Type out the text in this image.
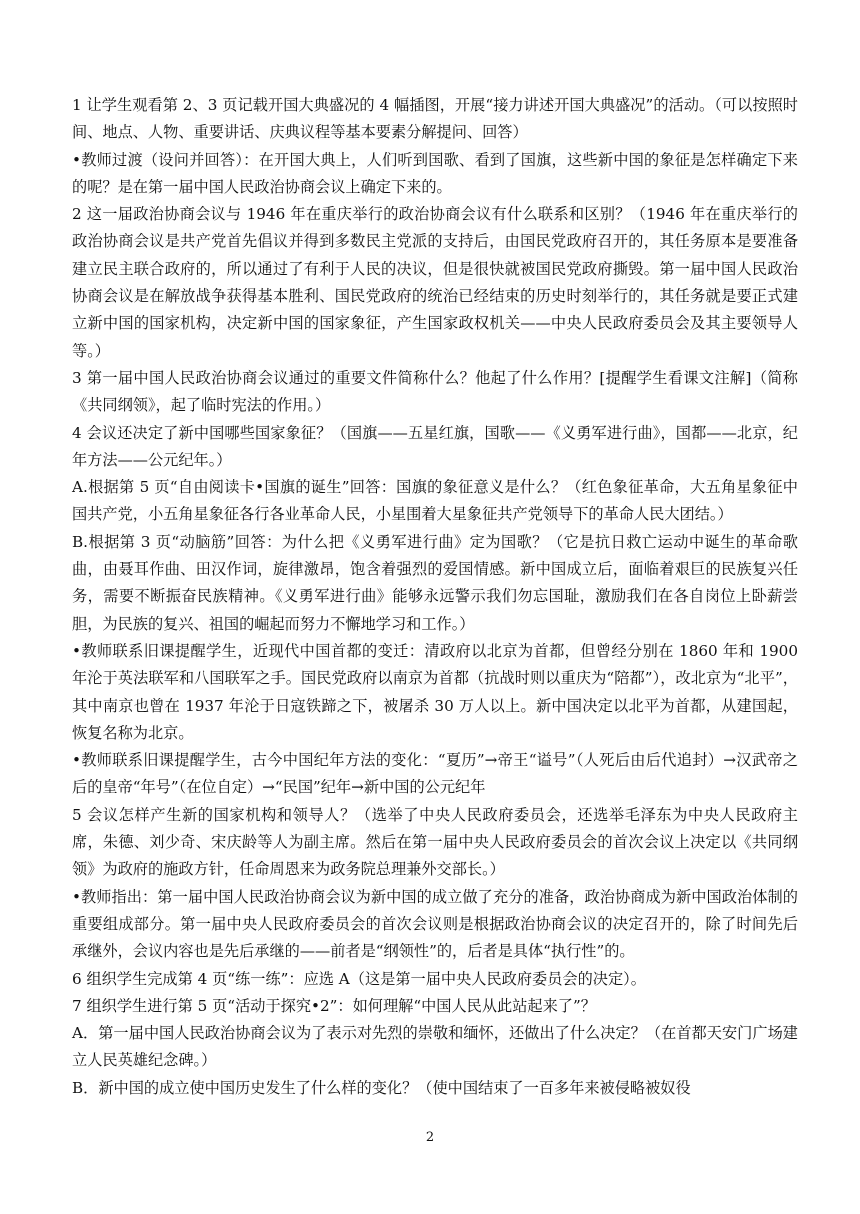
1 让学生观看第 2、3 页记载开国大典盛况的 4 幅插图，开展“接力讲述开国大典盛况”的活动。（可以按照时间、地点、人物、重要讲话、庆典议程等基本要素分解提问、回答）

•教师过渡（设问并回答）：在开国大典上，人们听到国歌、看到了国旗，这些新中国的象征是怎样确定下来的呢？是在第一届中国人民政治协商会议上确定下来的。

2 这一届政治协商会议与 1946 年在重庆举行的政治协商会议有什么联系和区别？（1946 年在重庆举行的政治协商会议是共产党首先倡议并得到多数民主党派的支持后，由国民党政府召开的，其任务原本是要准备建立民主联合政府的，所以通过了有利于人民的决议，但是很快就被国民党政府撕毁。第一届中国人民政治协商会议是在解放战争获得基本胜利、国民党政府的统治已经结束的历史时刻举行的，其任务就是要正式建立新中国的国家机构，决定新中国的国家象征，产生国家政权机关——中央人民政府委员会及其主要领导人等。）

3 第一届中国人民政治协商会议通过的重要文件简称什么？他起了什么作用？[提醒学生看课文注解]（简称《共同纲领》，起了临时宪法的作用。）

4 会议还决定了新中国哪些国家象征？（国旗——五星红旗，国歌——《义勇军进行曲》，国都——北京，纪年方法——公元纪年。）

A.根据第 5 页“自由阅读卡•国旗的诞生”回答：国旗的象征意义是什么？（红色象征革命，大五角星象征中国共产党，小五角星象征各行各业革命人民，小星围着大星象征共产党领导下的革命人民大团结。）

B.根据第 3 页“动脑筋”回答：为什么把《义勇军进行曲》定为国歌？（它是抗日救亡运动中诞生的革命歌曲，由聂耳作曲、田汉作词，旋律激昂，饱含着强烈的爱国情感。新中国成立后，面临着艰巨的民族复兴任务，需要不断振奋民族精神。《义勇军进行曲》能够永远警示我们勿忘国耻，激励我们在各自岗位上卧薪尝胆，为民族的复兴、祖国的崛起而努力不懈地学习和工作。）

•教师联系旧课提醒学生，近现代中国首都的变迁：清政府以北京为首都，但曾经分别在 1860 年和 1900 年沦于英法联军和八国联军之手。国民党政府以南京为首都（抗战时则以重庆为“陪都”），改北京为“北平”，其中南京也曾在 1937 年沦于日寇铁蹄之下，被屠杀 30 万人以上。新中国决定以北平为首都，从建国起，恢复名称为北京。

•教师联系旧课提醒学生，古今中国纪年方法的变化：“夏历”→帝王“谥号”（人死后由后代追封）→汉武帝之后的皇帝“年号”（在位自定）→“民国”纪年→新中国的公元纪年

5 会议怎样产生新的国家机构和领导人？（选举了中央人民政府委员会，还选举毛泽东为中央人民政府主席，朱德、刘少奇、宋庆龄等人为副主席。然后在第一届中央人民政府委员会的首次会议上决定以《共同纲领》为政府的施政方针，任命周恩来为政务院总理兼外交部长。）

•教师指出：第一届中国人民政治协商会议为新中国的成立做了充分的准备，政治协商成为新中国政治体制的重要组成部分。第一届中央人民政府委员会的首次会议则是根据政治协商会议的决定召开的，除了时间先后承继外，会议内容也是先后承继的——前者是“纲领性”的，后者是具体“执行性”的。

6 组织学生完成第 4 页“练一练”：应选 A（这是第一届中央人民政府委员会的决定）。

7 组织学生进行第 5 页“活动于探究•2”：如何理解“中国人民从此站起来了”？

A．第一届中国人民政治协商会议为了表示对先烈的崇敬和缅怀，还做出了什么决定？（在首都天安门广场建立人民英雄纪念碑。）

B．新中国的成立使中国历史发生了什么样的变化？（使中国结束了一百多年来被侵略被奴役

2
